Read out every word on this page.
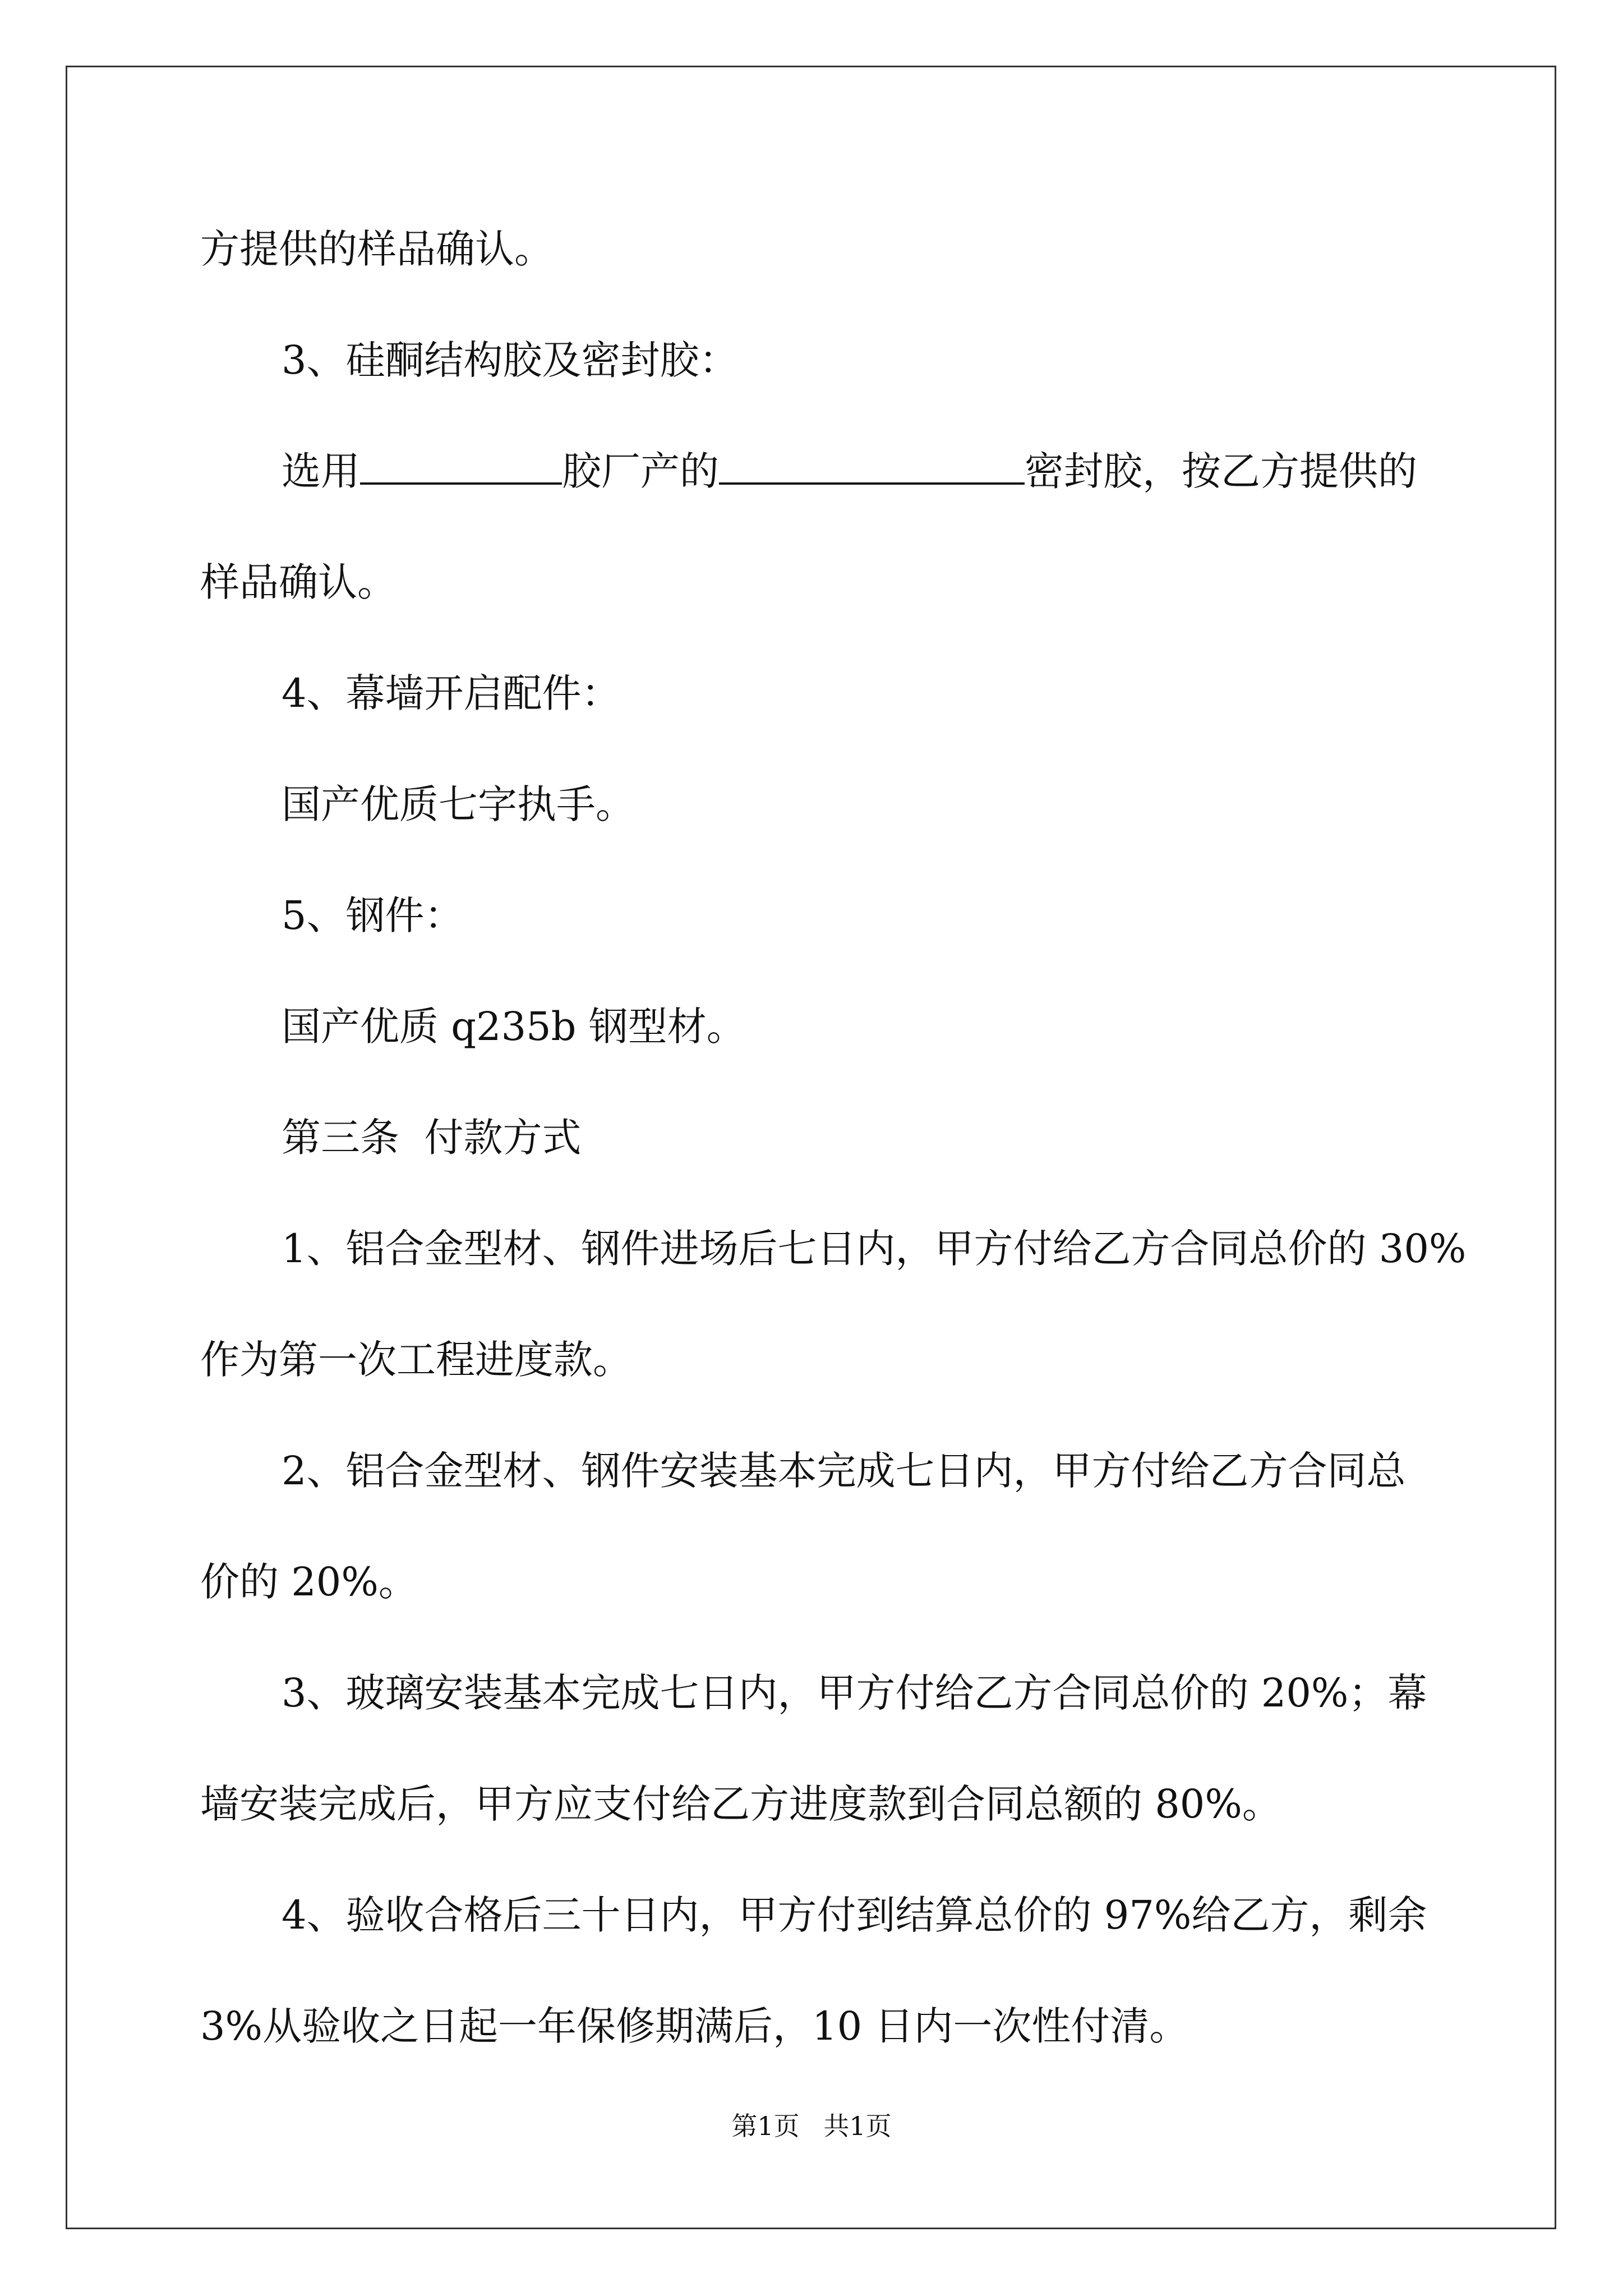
方提供的样品确认。
3、硅酮结构胶及密封胶：
选用	胶厂产的	密封胶，按乙方提供的
样品确认。
4、幕墙开启配件：
国产优质七字执手。
5、钢件：
国产优质 q235b 钢型材。
第三条  付款方式
1、铝合金型材、钢件进场后七日内，甲方付给乙方合同总价的 30%
作为第一次工程进度款。
2、铝合金型材、钢件安装基本完成七日内，甲方付给乙方合同总
价的 20%。
3、玻璃安装基本完成七日内，甲方付给乙方合同总价的 20%；幕
墙安装完成后，甲方应支付给乙方进度款到合同总额的 80%。
4、验收合格后三十日内，甲方付到结算总价的 97%给乙方，剩余
3%从验收之日起一年保修期满后，10 日内一次性付清。
第1页 共1页
